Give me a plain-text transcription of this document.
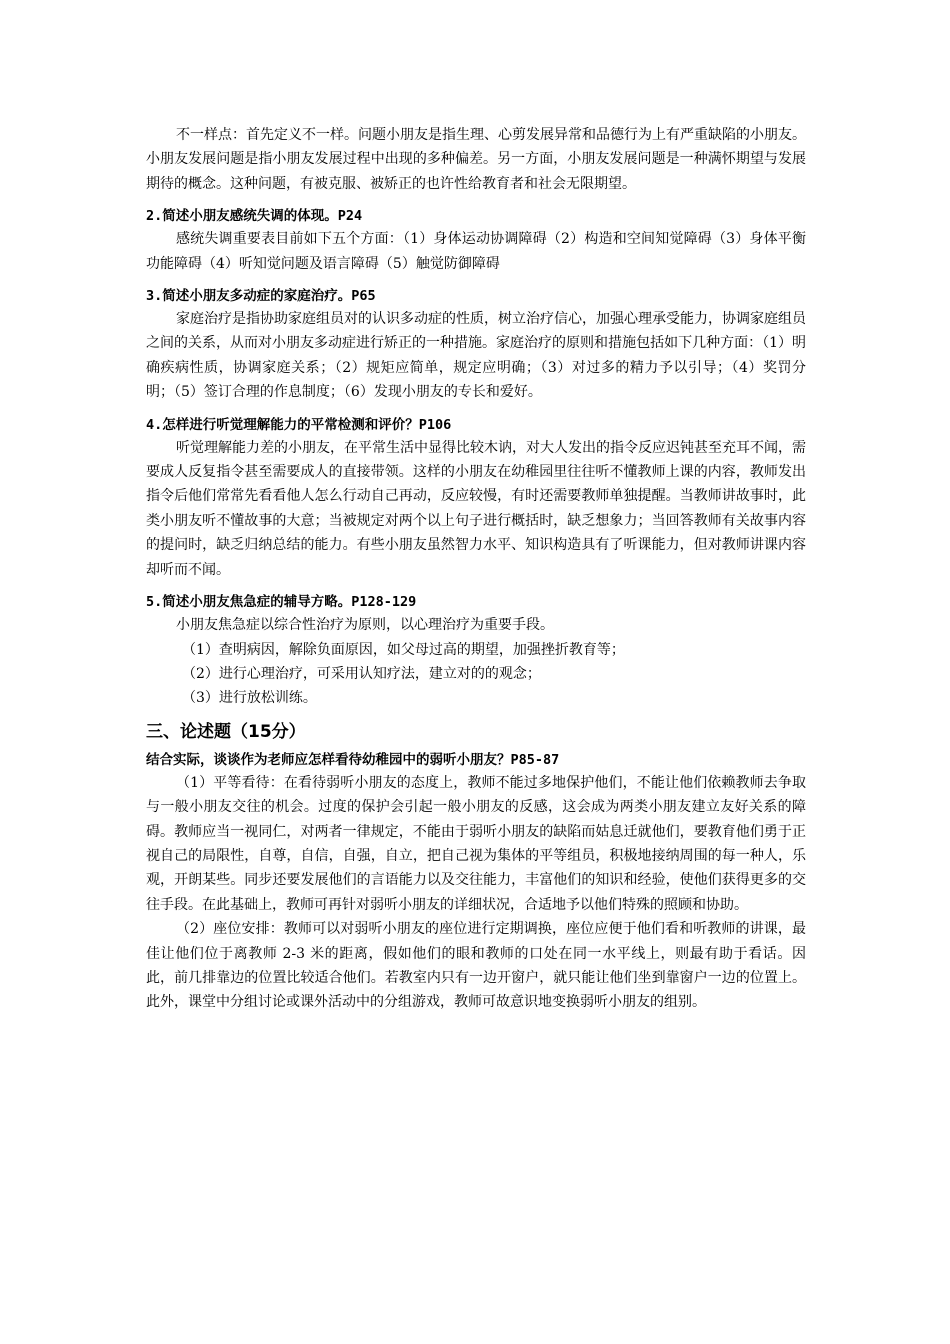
不一样点：首先定义不一样。问题小朋友是指生理、心剪发展异常和品德行为上有严重缺陷的小朋友。小朋友发展问题是指小朋友发展过程中出现的多种偏差。另一方面，小朋友发展问题是一种满怀期望与发展期待的概念。这种问题，有被克服、被矫正的也许性给教育者和社会无限期望。

2.简述小朋友感统失调的体现。P24

感统失调重要表目前如下五个方面：（1）身体运动协调障碍（2）构造和空间知觉障碍（3）身体平衡功能障碍（4）听知觉问题及语言障碍（5）触觉防御障碍

3.简述小朋友多动症的家庭治疗。P65

家庭治疗是指协助家庭组员对的认识多动症的性质，树立治疗信心，加强心理承受能力，协调家庭组员之间的关系，从而对小朋友多动症进行矫正的一种措施。家庭治疗的原则和措施包括如下几种方面：（1）明确疾病性质，协调家庭关系；（2）规矩应简单，规定应明确；（3）对过多的精力予以引导；（4）奖罚分明；（5）签订合理的作息制度；（6）发现小朋友的专长和爱好。

4.怎样进行听觉理解能力的平常检测和评价？P106

听觉理解能力差的小朋友，在平常生活中显得比较木讷，对大人发出的指令反应迟钝甚至充耳不闻，需要成人反复指令甚至需要成人的直接带领。这样的小朋友在幼稚园里往往听不懂教师上课的内容，教师发出指令后他们常常先看看他人怎么行动自己再动，反应较慢，有时还需要教师单独提醒。当教师讲故事时，此类小朋友听不懂故事的大意；当被规定对两个以上句子进行概括时，缺乏想象力；当回答教师有关故事内容的提问时，缺乏归纳总结的能力。有些小朋友虽然智力水平、知识构造具有了听课能力，但对教师讲课内容却听而不闻。

5.简述小朋友焦急症的辅导方略。P128-129

小朋友焦急症以综合性治疗为原则，以心理治疗为重要手段。

（1）查明病因，解除负面原因，如父母过高的期望，加强挫折教育等；

（2）进行心理治疗，可采用认知疗法，建立对的的观念；

（3）进行放松训练。

三、论述题（15分）

结合实际，谈谈作为老师应怎样看待幼稚园中的弱听小朋友？P85-87

（1）平等看待：在看待弱听小朋友的态度上，教师不能过多地保护他们，不能让他们依赖教师去争取与一般小朋友交往的机会。过度的保护会引起一般小朋友的反感，这会成为两类小朋友建立友好关系的障碍。教师应当一视同仁，对两者一律规定，不能由于弱听小朋友的缺陷而姑息迁就他们，要教育他们勇于正视自己的局限性，自尊，自信，自强，自立，把自己视为集体的平等组员，积极地接纳周围的每一种人，乐观，开朗某些。同步还要发展他们的言语能力以及交往能力，丰富他们的知识和经验，使他们获得更多的交往手段。在此基础上，教师可再针对弱听小朋友的详细状况，合适地予以他们特殊的照顾和协助。

（2）座位安排：教师可以对弱听小朋友的座位进行定期调换，座位应便于他们看和听教师的讲课，最佳让他们位于离教师 2-3 米的距离，假如他们的眼和教师的口处在同一水平线上，则最有助于看话。因此，前几排靠边的位置比较适合他们。若教室内只有一边开窗户，就只能让他们坐到靠窗户一边的位置上。此外，课堂中分组讨论或课外活动中的分组游戏，教师可故意识地变换弱听小朋友的组别。
